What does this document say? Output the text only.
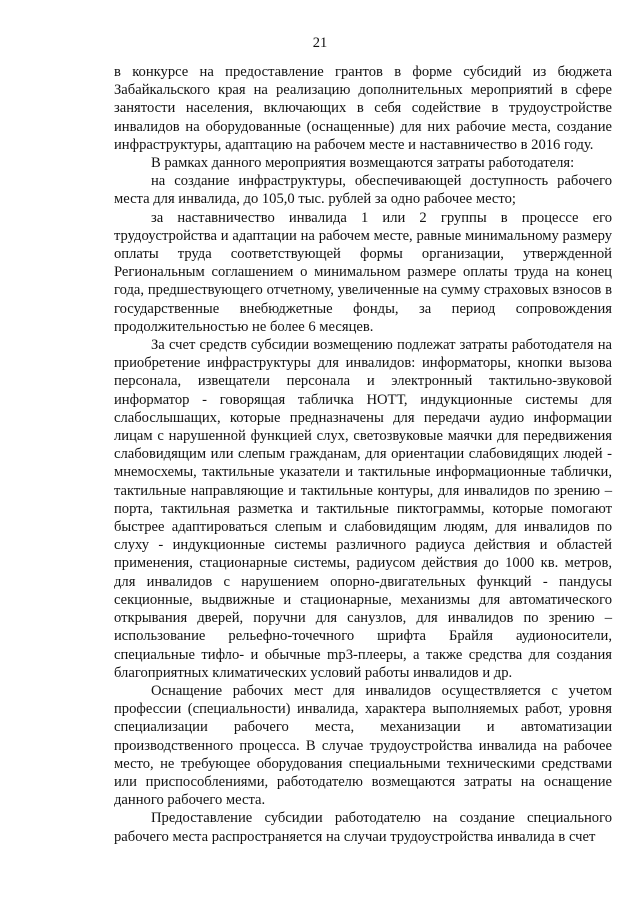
21

в конкурсе на предоставление грантов в форме субсидий из бюджета Забайкальского края на реализацию дополнительных мероприятий в сфере занятости населения, включающих в себя содействие в трудоустройстве инвалидов на оборудованные (оснащенные) для них рабочие места, создание инфраструктуры, адаптацию на рабочем месте и наставничество в 2016 году.

В рамках данного мероприятия возмещаются затраты работодателя:

на создание инфраструктуры, обеспечивающей доступность рабочего места для инвалида, до 105,0 тыс. рублей за одно рабочее место;

за наставничество инвалида 1 или 2 группы в процессе его трудоустройства и адаптации на рабочем месте, равные минимальному размеру оплаты труда соответствующей формы организации, утвержденной Региональным соглашением о минимальном размере оплаты труда на конец года, предшествующего отчетному, увеличенные на сумму страховых взносов в государственные внебюджетные фонды, за период сопровождения продолжительностью не более 6 месяцев.

За счет средств субсидии возмещению подлежат затраты работодателя на приобретение инфраструктуры для инвалидов: информаторы, кнопки вызова персонала, извещатели персонала и электронный тактильно-звуковой информатор - говорящая табличка НОТТ, индукционные системы для слабослышащих, которые предназначены для передачи аудио информации лицам с нарушенной функцией слух, светозвуковые маячки для передвижения слабовидящим или слепым гражданам, для ориентации слабовидящих людей - мнемосхемы, тактильные указатели и тактильные информационные таблички, тактильные направляющие и тактильные контуры, для инвалидов по зрению – порта, тактильная разметка и тактильные пиктограммы, которые помогают быстрее адаптироваться слепым и слабовидящим людям, для инвалидов по слуху - индукционные системы различного радиуса действия и областей применения, стационарные системы, радиусом действия до 1000 кв. метров, для инвалидов с нарушением опорно-двигательных функций - пандусы секционные, выдвижные и стационарные, механизмы для автоматического открывания дверей, поручни для санузлов, для инвалидов по зрению – использование рельефно-точечного шрифта Брайля аудионосители, специальные тифло- и обычные mp3-плееры, а также средства для создания благоприятных климатических условий работы инвалидов и др.

Оснащение рабочих мест для инвалидов осуществляется с учетом профессии (специальности) инвалида, характера выполняемых работ, уровня специализации рабочего места, механизации и автоматизации производственного процесса. В случае трудоустройства инвалида на рабочее место, не требующее оборудования специальными техническими средствами или приспособлениями, работодателю возмещаются затраты на оснащение данного рабочего места.

Предоставление субсидии работодателю на создание специального рабочего места распространяется на случаи трудоустройства инвалида в счет
